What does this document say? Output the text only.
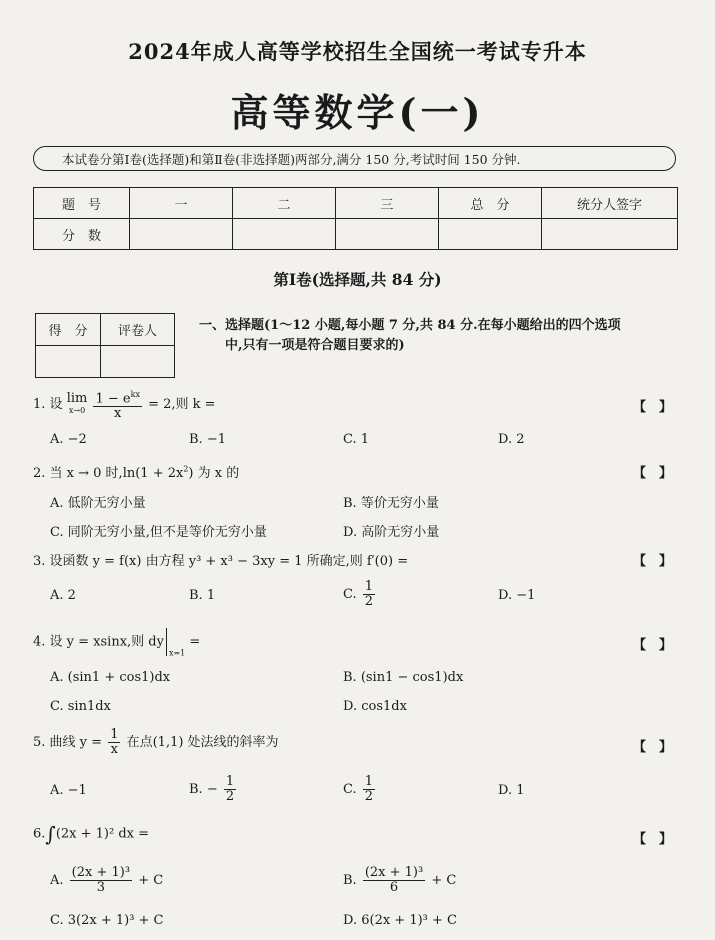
2024年成人高等学校招生全国统一考试专升本
高等数学(一)
本试卷分第Ⅰ卷(选择题)和第Ⅱ卷(非选择题)两部分,满分 150 分,考试时间 150 分钟.
题　号	一	二	三	总　分	统分人签字
分　数					
第Ⅰ卷(选择题,共 84 分)
得　分	评卷人
		一、选择题(1～12 小题,每小题 7 分,共 84 分.在每小题给出的四个选项
中,只有一项是符合题目要求的)
1. 设 lim
x→0
$\frac{1 - e^{kx}}{x} = 2$,则 k =	【　】
A. −2	B. −1	C. 1	D. 2
2. 当 x → 0 时$,\ln(1 + 2x^2)$ 为 x 的	【　】
A. 低阶无穷小量	B. 等价无穷小量
C. 同阶无穷小量,但不是等价无穷小量	D. 高阶无穷小量
3. 设函数 y = f(x) 由方程 y³ + x³ − 3xy = 1 所确定,则 f′(0) =	【　】
A. 2	B. 1	C. $\frac{1}{2}$	D. −1
4. 设 y = xsinx,则 $dy_{x=1}$ =	【　】
A. (sin1 + cos1)dx	B. (sin1 − cos1)dx
C. sin1dx	D. cos1dx
5. 曲线 $y = \frac{1}{x}$ 在点(1,1) 处法线的斜率为	【　】
A. −1	B. − $\frac{1}{2}$	C. $\frac{1}{2}$	D. 1
6.∫(2x + 1)² dx =	【　】
A. $\frac{\text{(2x + 1)³}}{3} + C$	B. $\frac{\text{(2x + 1)³}}{6} + C$
C. 3(2x + 1)³ + C	D. 6(2x + 1)³ + C
